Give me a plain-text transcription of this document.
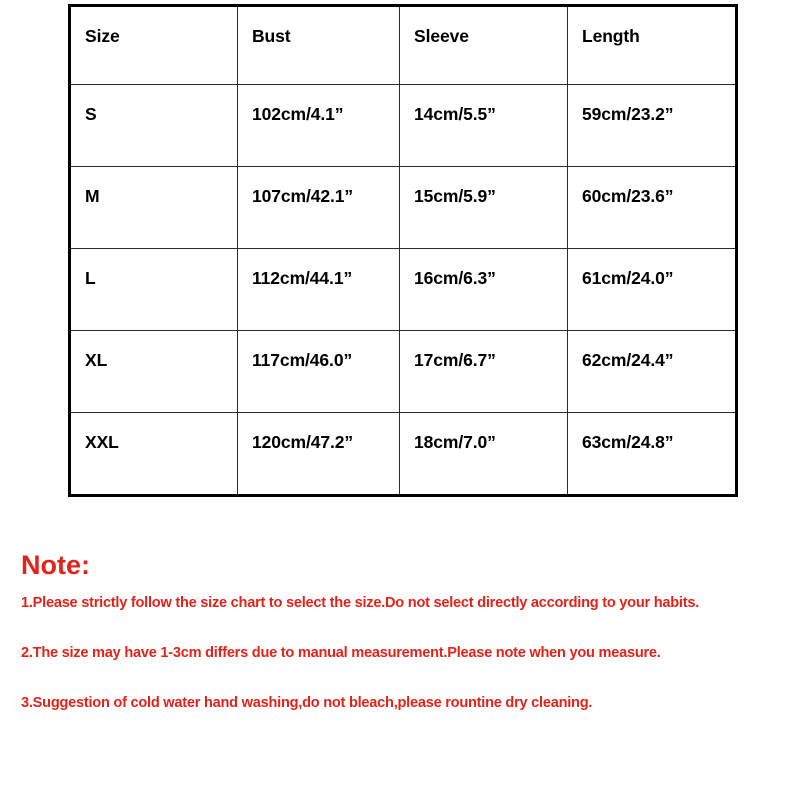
Size	Bust	Sleeve	Length
S	102cm/4.1”	14cm/5.5”	59cm/23.2”
M	107cm/42.1”	15cm/5.9”	60cm/23.6”
L	112cm/44.1”	16cm/6.3”	61cm/24.0”
XL	117cm/46.0”	17cm/6.7”	62cm/24.4”
XXL	120cm/47.2”	18cm/7.0”	63cm/24.8”
Note:
1.Please strictly follow the size chart to select the size.Do not select directly according to your habits.
2.The size may have 1-3cm differs due to manual measurement.Please note when you measure.
3.Suggestion of cold water hand washing,do not bleach,please rountine dry cleaning.
